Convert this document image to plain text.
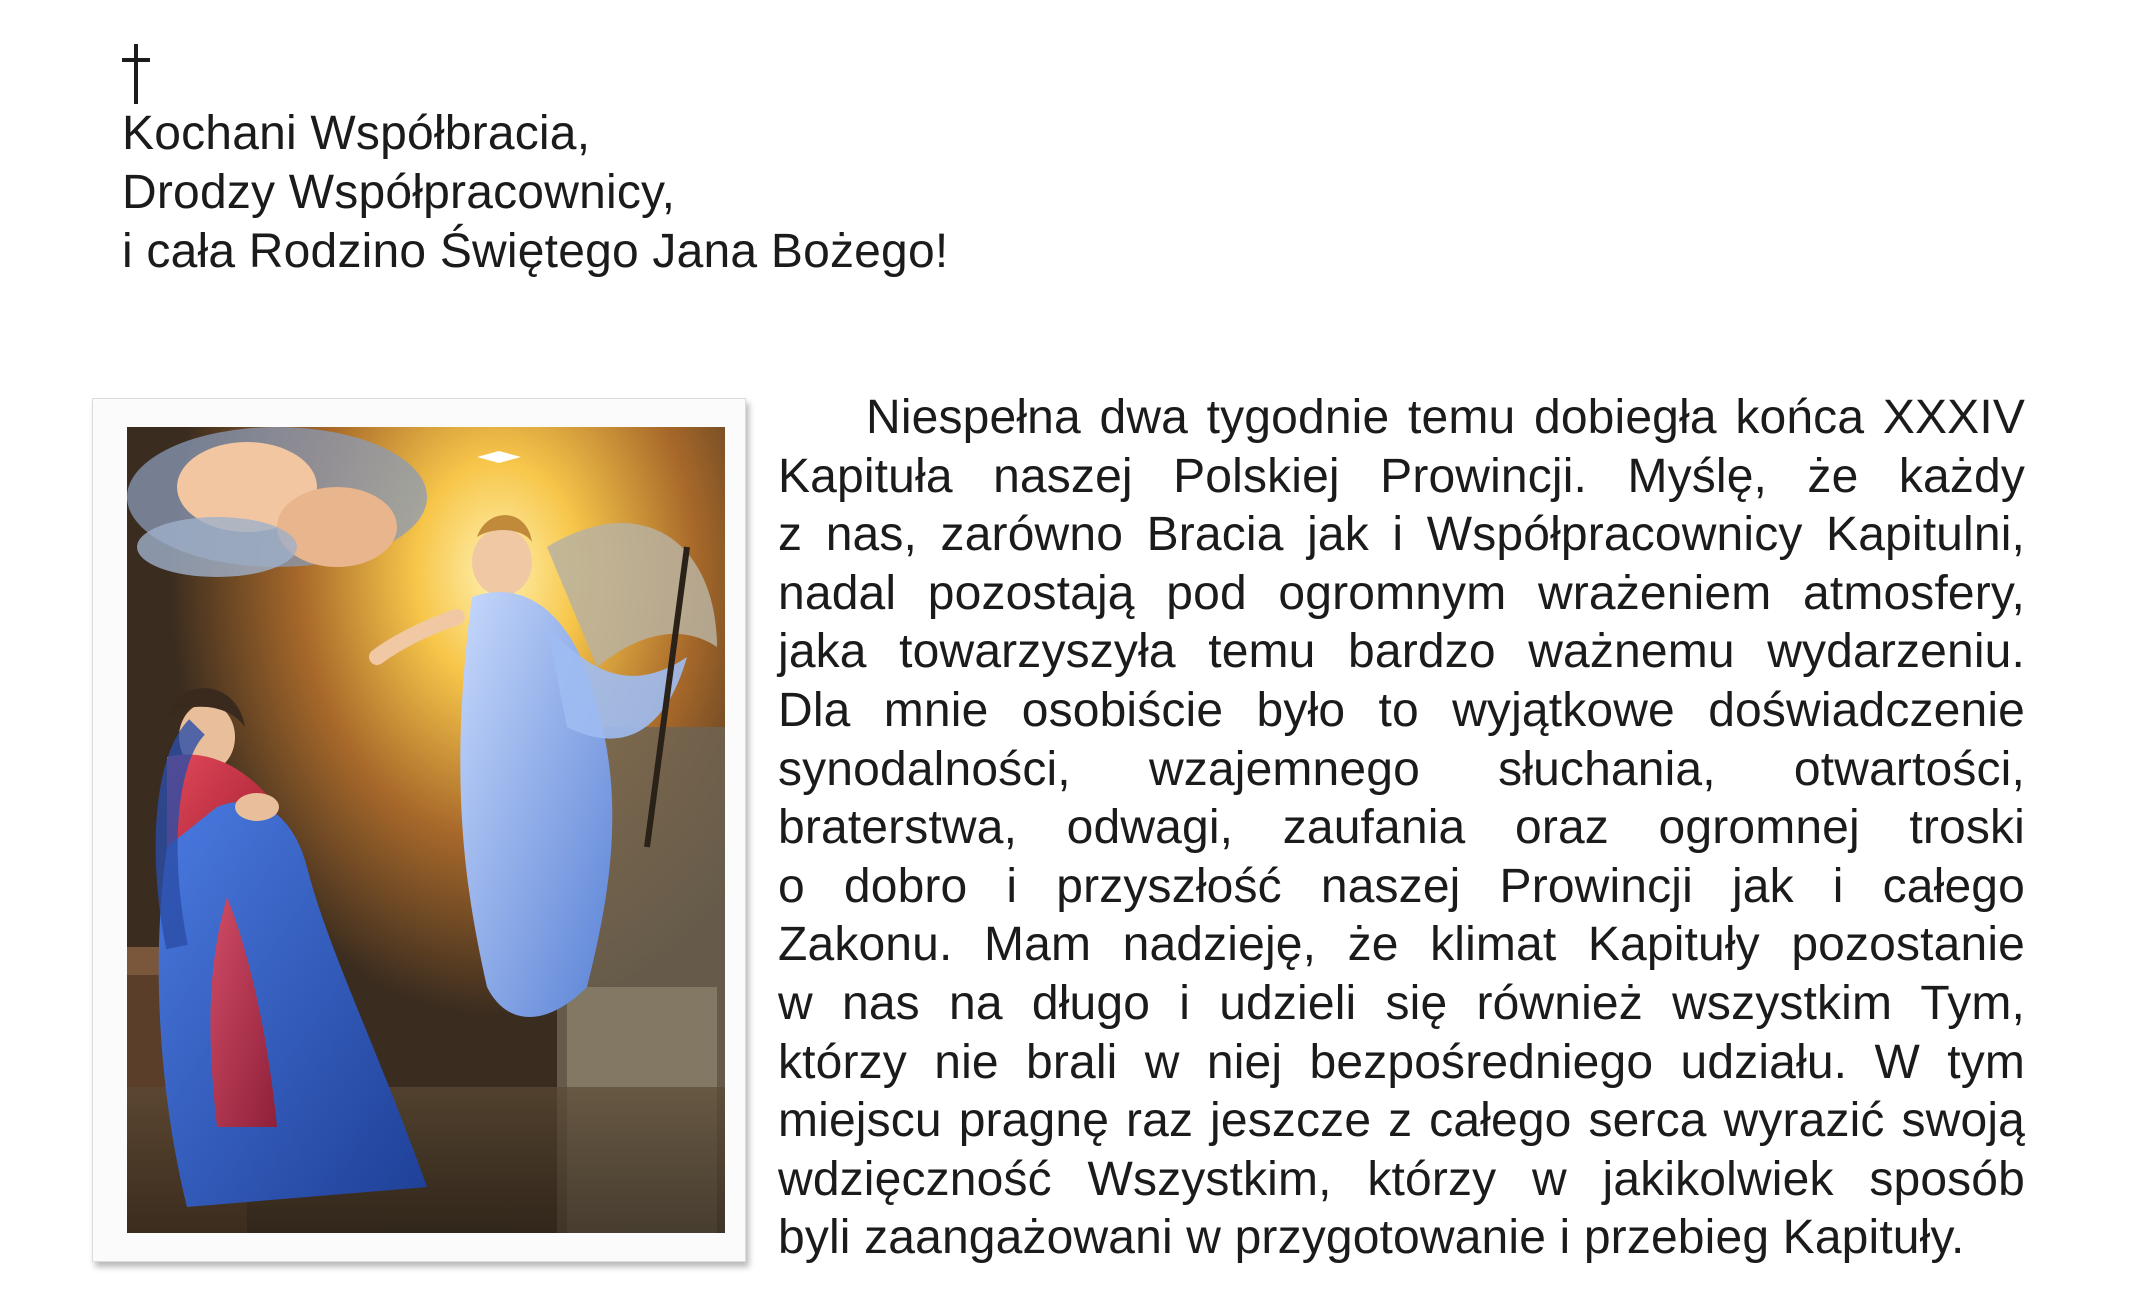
Kochani Współbracia,
Drodzy Współpracownicy,
i cała Rodzino Świętego Jana Bożego!
Niespełna dwa tygodnie temu dobiegła końca XXXIV
Kapituła naszej Polskiej Prowincji. Myślę, że każdy
z nas, zarówno Bracia jak i Współpracownicy Kapitulni,
nadal pozostają pod ogromnym wrażeniem atmosfery,
jaka towarzyszyła temu bardzo ważnemu wydarzeniu.
Dla mnie osobiście było to wyjątkowe doświadczenie
synodalności, wzajemnego słuchania, otwartości,
braterstwa, odwagi, zaufania oraz ogromnej troski
o dobro i przyszłość naszej Prowincji jak i całego
Zakonu. Mam nadzieję, że klimat Kapituły pozostanie
w nas na długo i udzieli się również wszystkim Tym,
którzy nie brali w niej bezpośredniego udziału. W tym
miejscu pragnę raz jeszcze z całego serca wyrazić swoją
wdzięczność Wszystkim, którzy w jakikolwiek sposób
byli zaangażowani w przygotowanie i przebieg Kapituły.
